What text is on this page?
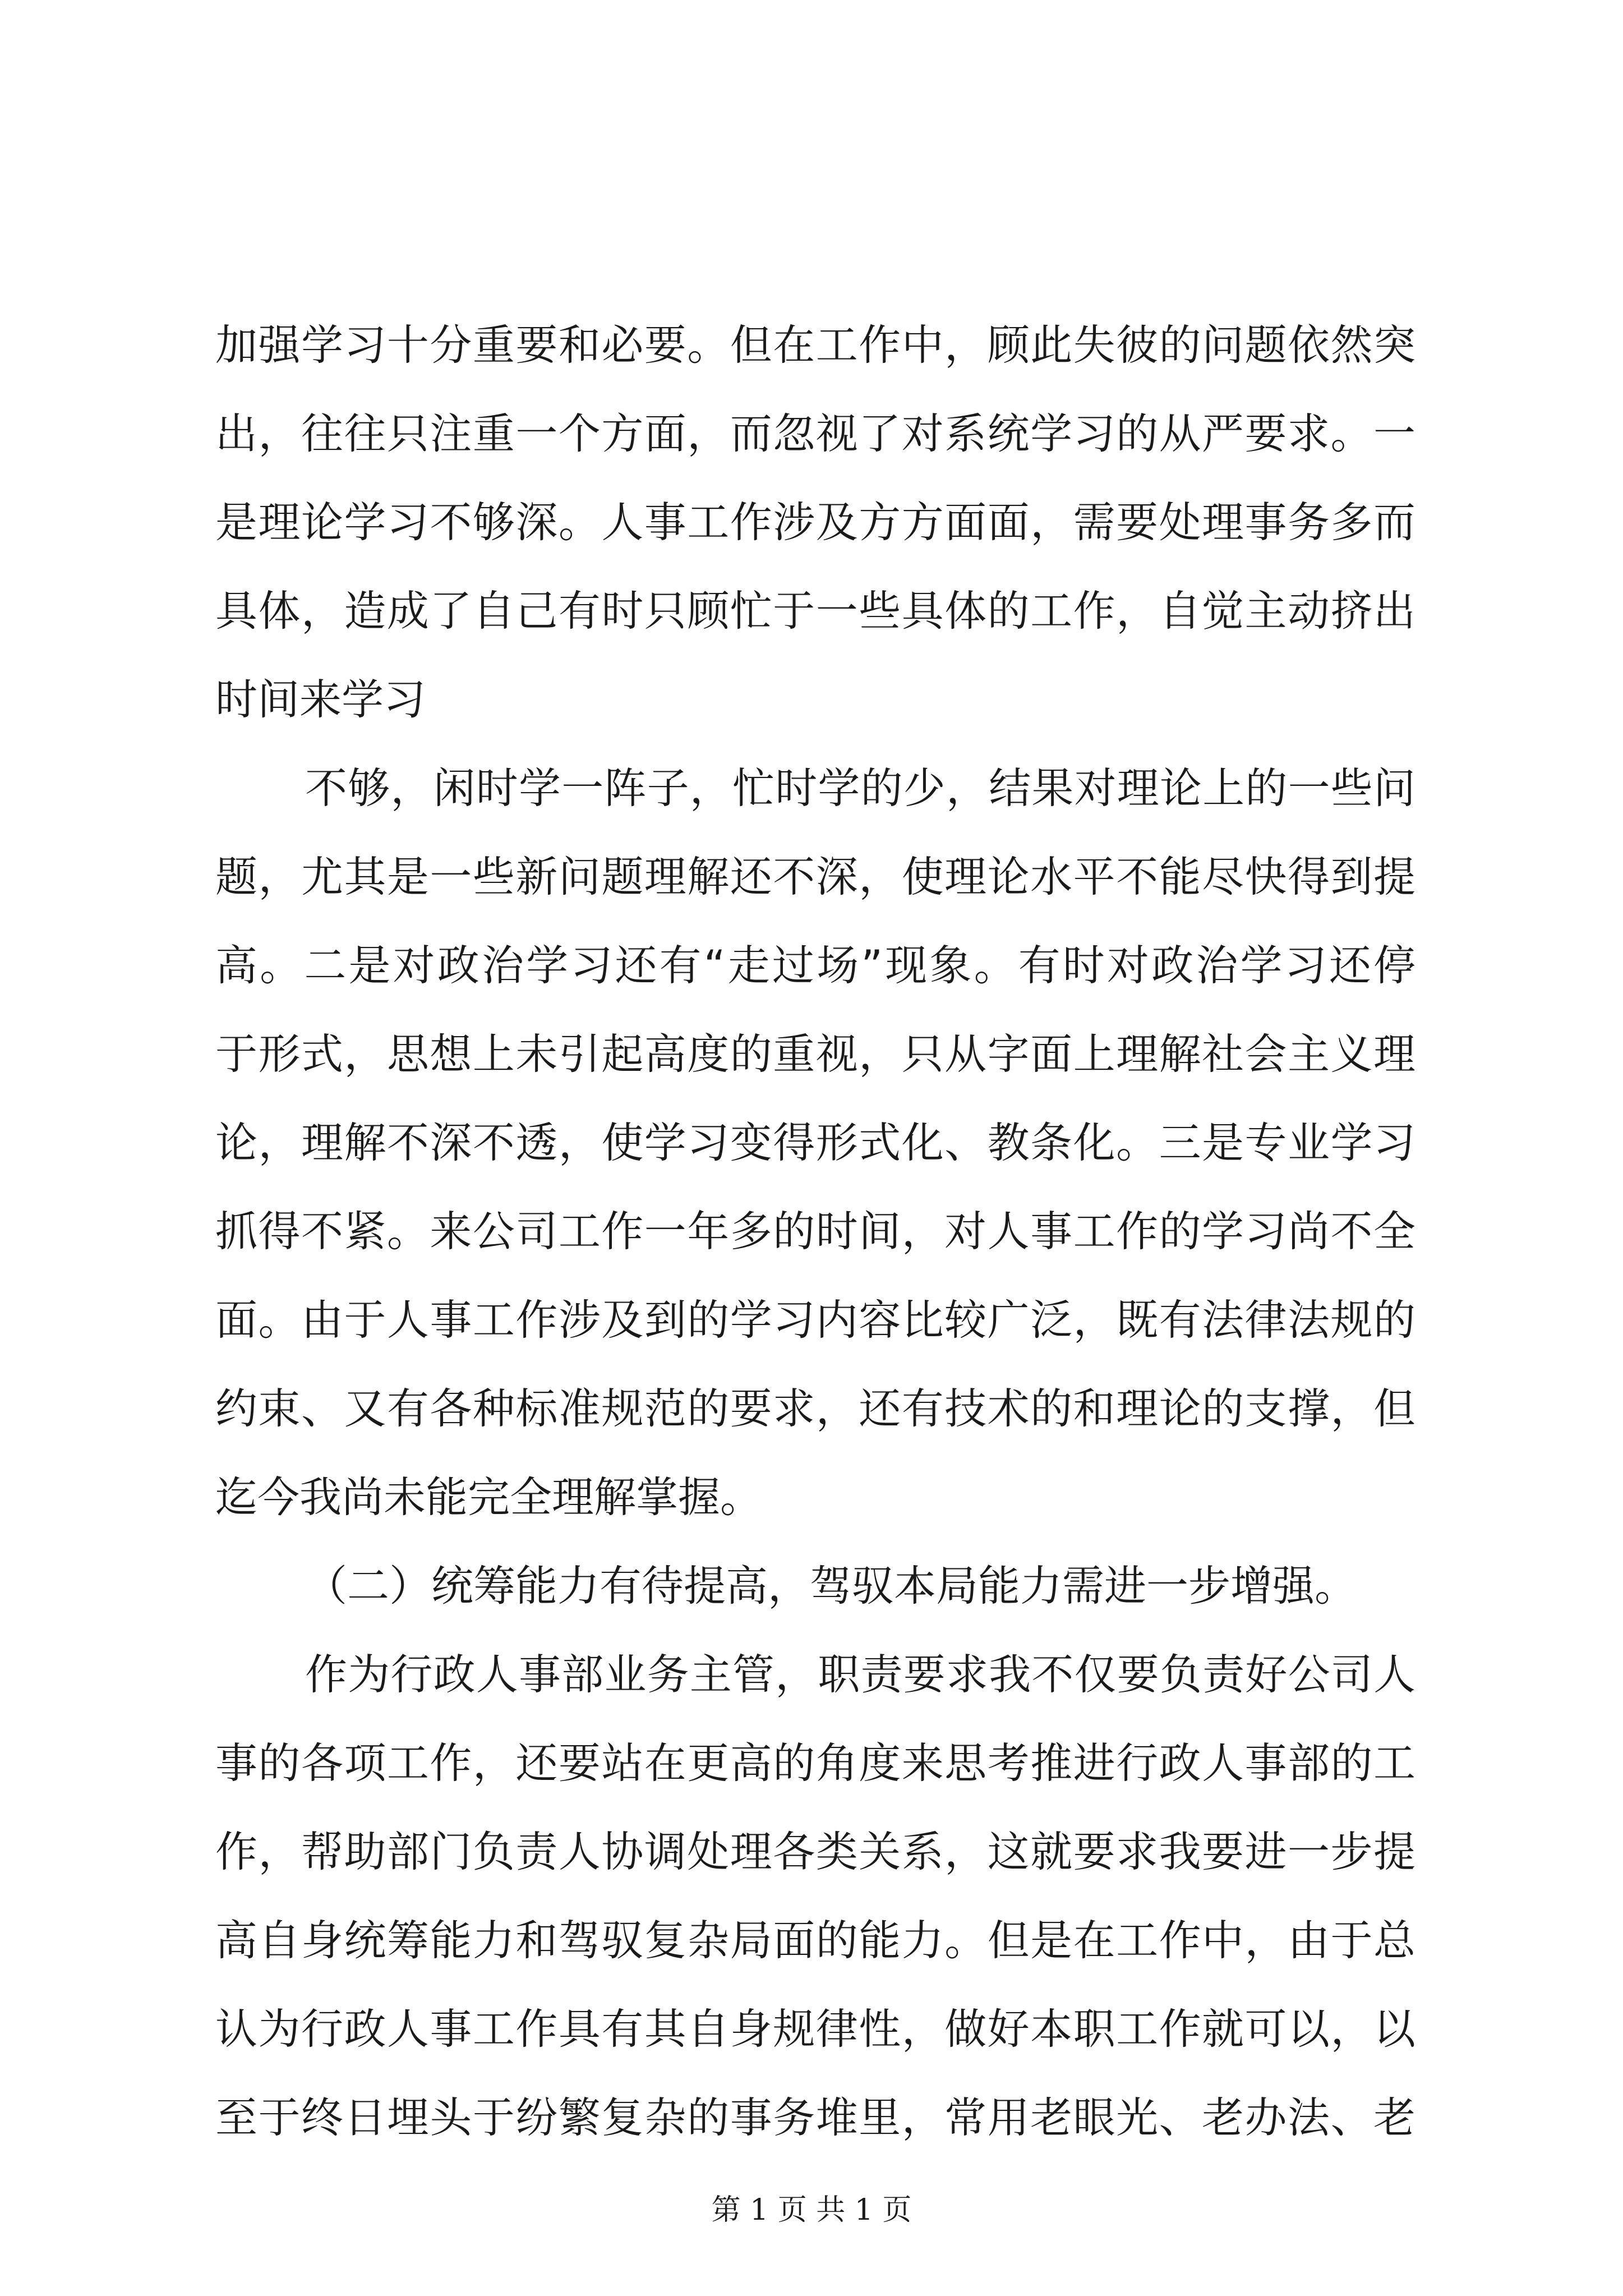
加强学习十分重要和必要。但在工作中，顾此失彼的问题依然突
出，往往只注重一个方面，而忽视了对系统学习的从严要求。一
是理论学习不够深。人事工作涉及方方面面，需要处理事务多而
具体，造成了自己有时只顾忙于一些具体的工作，自觉主动挤出
时间来学习
不够，闲时学一阵子，忙时学的少，结果对理论上的一些问
题，尤其是一些新问题理解还不深，使理论水平不能尽快得到提
高。二是对政治学习还有“走过场”现象。有时对政治学习还停
于形式，思想上未引起高度的重视，只从字面上理解社会主义理
论，理解不深不透，使学习变得形式化、教条化。三是专业学习
抓得不紧。来公司工作一年多的时间，对人事工作的学习尚不全
面。由于人事工作涉及到的学习内容比较广泛，既有法律法规的
约束、又有各种标准规范的要求，还有技术的和理论的支撑，但
迄今我尚未能完全理解掌握。
（二）统筹能力有待提高，驾驭本局能力需进一步增强。
作为行政人事部业务主管，职责要求我不仅要负责好公司人
事的各项工作，还要站在更高的角度来思考推进行政人事部的工
作，帮助部门负责人协调处理各类关系，这就要求我要进一步提
高自身统筹能力和驾驭复杂局面的能力。但是在工作中，由于总
认为行政人事工作具有其自身规律性，做好本职工作就可以，以
至于终日埋头于纷繁复杂的事务堆里，常用老眼光、老办法、老
第 1 页 共 1 页
